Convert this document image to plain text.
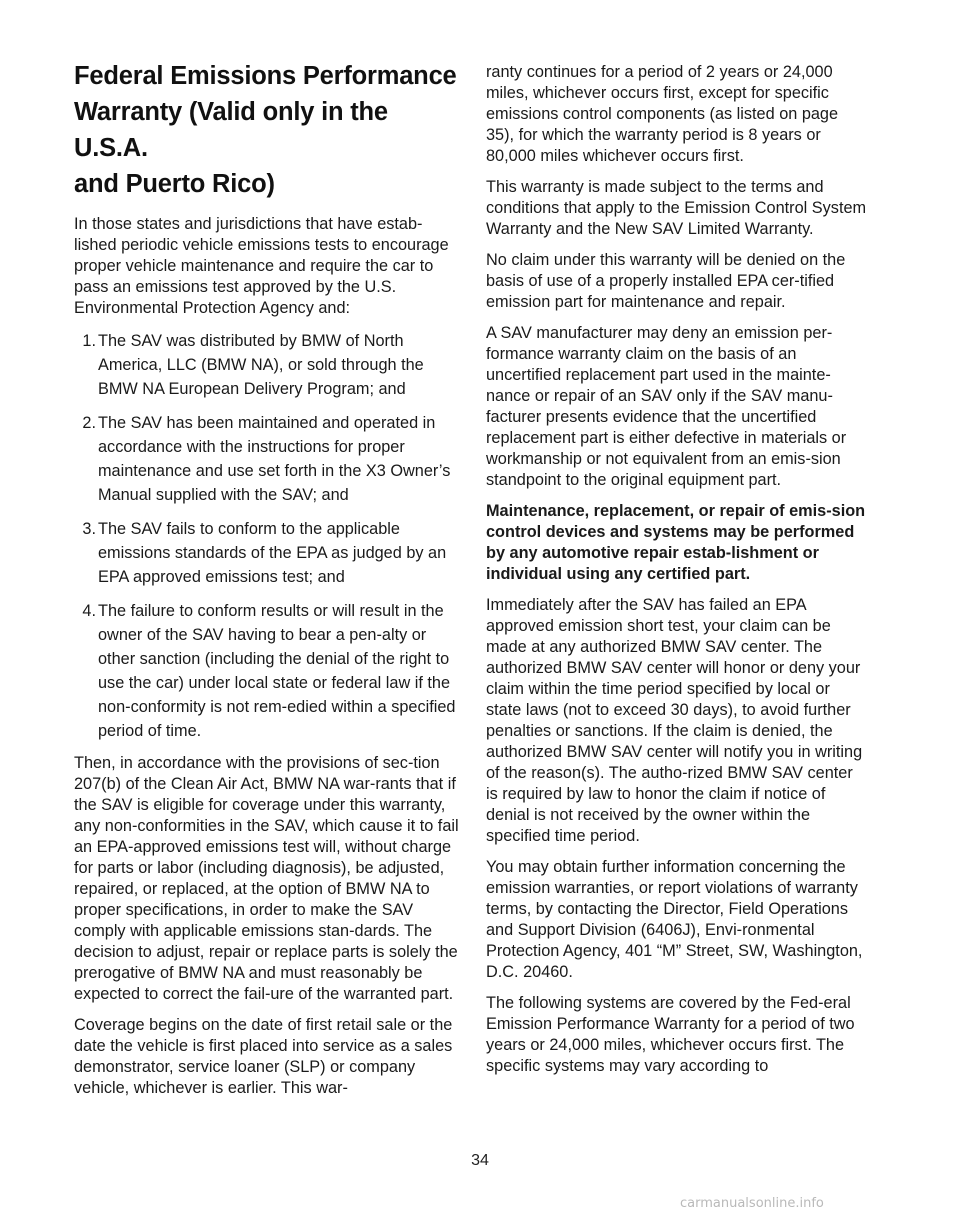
Federal Emissions Performance
Warranty (Valid only in the U.S.A.
and Puerto Rico)

In those states and jurisdictions that have estab-lished periodic vehicle emissions tests to encourage proper vehicle maintenance and require the car to pass an emissions test approved by the U.S. Environmental Protection Agency and:

1 . The SAV was distributed by BMW of North America, LLC (BMW NA), or sold through the BMW NA European Delivery Program; and
2 . The SAV has been maintained and operated in accordance with the instructions for proper maintenance and use set forth in the X3 Owner’s Manual supplied with the SAV; and
3 . The SAV fails to conform to the applicable emissions standards of the EPA as judged by an EPA approved emissions test; and
4 . The failure to conform results or will result in the owner of the SAV having to bear a pen-alty or other sanction (including the denial of the right to use the car) under local state or federal law if the non-conformity is not rem-edied within a specified period of time.

Then, in accordance with the provisions of sec-tion 207(b) of the Clean Air Act, BMW NA war-rants that if the SAV is eligible for coverage under this warranty, any non-conformities in the SAV, which cause it to fail an EPA-approved emissions test will, without charge for parts or labor (including diagnosis), be adjusted, repaired, or replaced, at the option of BMW NA to proper specifications, in order to make the SAV comply with applicable emissions stan-dards. The decision to adjust, repair or replace parts is solely the prerogative of BMW NA and must reasonably be expected to correct the fail-ure of the warranted part.

Coverage begins on the date of first retail sale or the date the vehicle is first placed into service as a sales demonstrator, service loaner (SLP) or company vehicle, whichever is earlier. This war-

ranty continues for a period of 2 years or 24,000 miles, whichever occurs first, except for specific emissions control components (as listed on page 35), for which the warranty period is 8 years or 80,000 miles whichever occurs first.

This warranty is made subject to the terms and conditions that apply to the Emission Control System Warranty and the New SAV Limited Warranty.

No claim under this warranty will be denied on the basis of use of a properly installed EPA cer-tified emission part for maintenance and repair.

A SAV manufacturer may deny an emission per-formance warranty claim on the basis of an uncertified replacement part used in the mainte-nance or repair of an SAV only if the SAV manu-facturer presents evidence that the uncertified replacement part is either defective in materials or workmanship or not equivalent from an emis-sion standpoint to the original equipment part.

Maintenance, replacement, or repair of emis-sion control devices and systems may be performed by any automotive repair estab-lishment or individual using any certified part.

Immediately after the SAV has failed an EPA approved emission short test, your claim can be made at any authorized BMW SAV center. The authorized BMW SAV center will honor or deny your claim within the time period specified by local or state laws (not to exceed 30 days), to avoid further penalties or sanctions. If the claim is denied, the authorized BMW SAV center will notify you in writing of the reason(s). The autho-rized BMW SAV center is required by law to honor the claim if notice of denial is not received by the owner within the specified time period.

You may obtain further information concerning the emission warranties, or report violations of warranty terms, by contacting the Director, Field Operations and Support Division (6406J), Envi-ronmental Protection Agency, 401 “M” Street, SW, Washington, D.C. 20460.

The following systems are covered by the Fed-eral Emission Performance Warranty for a period of two years or 24,000 miles, whichever occurs first. The specific systems may vary according to

34
carmanualsonline.info
